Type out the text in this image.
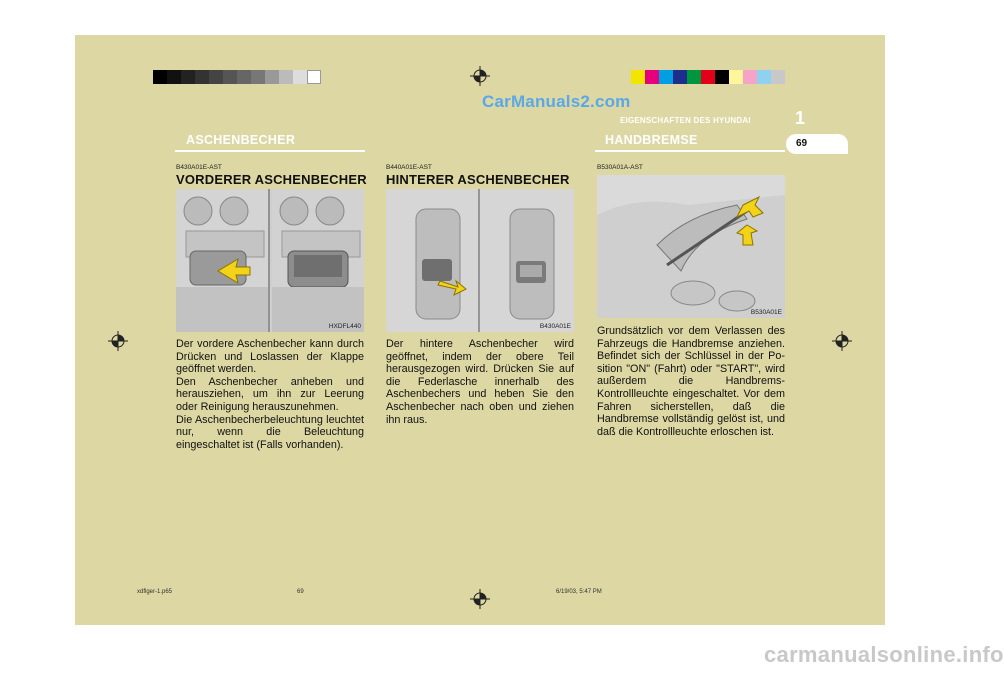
CarManuals2.com
EIGENSCHAFTEN DES HYUNDAI 1
69
ASCHENBECHER	HANDBREMSE
B430A01E-AST
VORDERER ASCHENBECHER
HXDFL440
Der vordere Aschenbecher kann durch Drücken und Loslassen der Klappe geöffnet werden.
Den Aschenbecher anheben und herausziehen, um ihn zur Leerung oder Reinigung herauszunehmen.
Die Aschenbecherbeleuchtung leuchtet nur, wenn die Beleuchtung eingeschaltet ist (Falls vorhanden).
B440A01E-AST
HINTERER ASCHENBECHER
B430A01E
Der hintere Aschenbecher wird geöffnet, indem der obere Teil herausgezogen wird. Drücken Sie auf die Federlasche innerhalb des Aschenbechers und heben Sie den Aschenbecher nach oben und ziehen ihn raus.
B530A01A-AST
B530A01E
Grundsätzlich vor dem Verlassen des Fahrzeugs die Handbremse anziehen. Befindet sich der Schlüssel in der Po-sition "ON" (Fahrt) oder "START", wird außerdem die Handbrems-Kontrollleuchte eingeschaltet. Vor dem Fahren sicherstellen, daß die Handbremse vollständig gelöst ist, und daß die Kontrollleuchte erloschen ist.
xdflger-1.p65	69	6/19/03, 5:47 PM
carmanualsonline.info
